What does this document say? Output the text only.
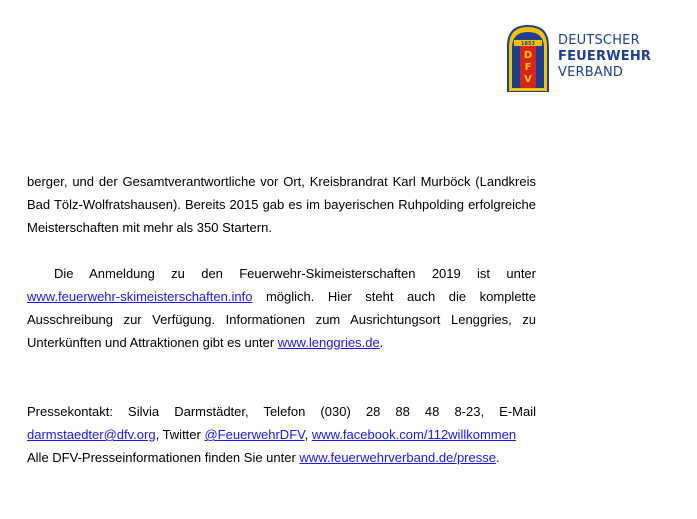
1853
D
F
V
DEUTSCHER
FEUERWEHR
VERBAND

berger, und der Gesamtverantwortliche vor Ort, Kreisbrandrat Karl Murböck (Landkreis Bad Tölz-Wolfratshausen). Bereits 2015 gab es im bayerischen Ruhpolding erfolgreiche Meisterschaften mit mehr als 350 Startern.

Die Anmeldung zu den Feuerwehr-Skimeisterschaften 2019 ist unter www.feuerwehr-skimeisterschaften.info möglich. Hier steht auch die komplette Ausschreibung zur Verfügung. Informationen zum Ausrichtungsort Lenggries, zu Unterkünften und Attraktionen gibt es unter www.lenggries.de.

Pressekontakt: Silvia Darmstädter, Telefon (030) 28 88 48 8-23, E-Mail darmstaedter@dfv.org, Twitter @FeuerwehrDFV, www.facebook.com/112willkommen
Alle DFV-Presseinformationen finden Sie unter www.feuerwehrverband.de/presse.
